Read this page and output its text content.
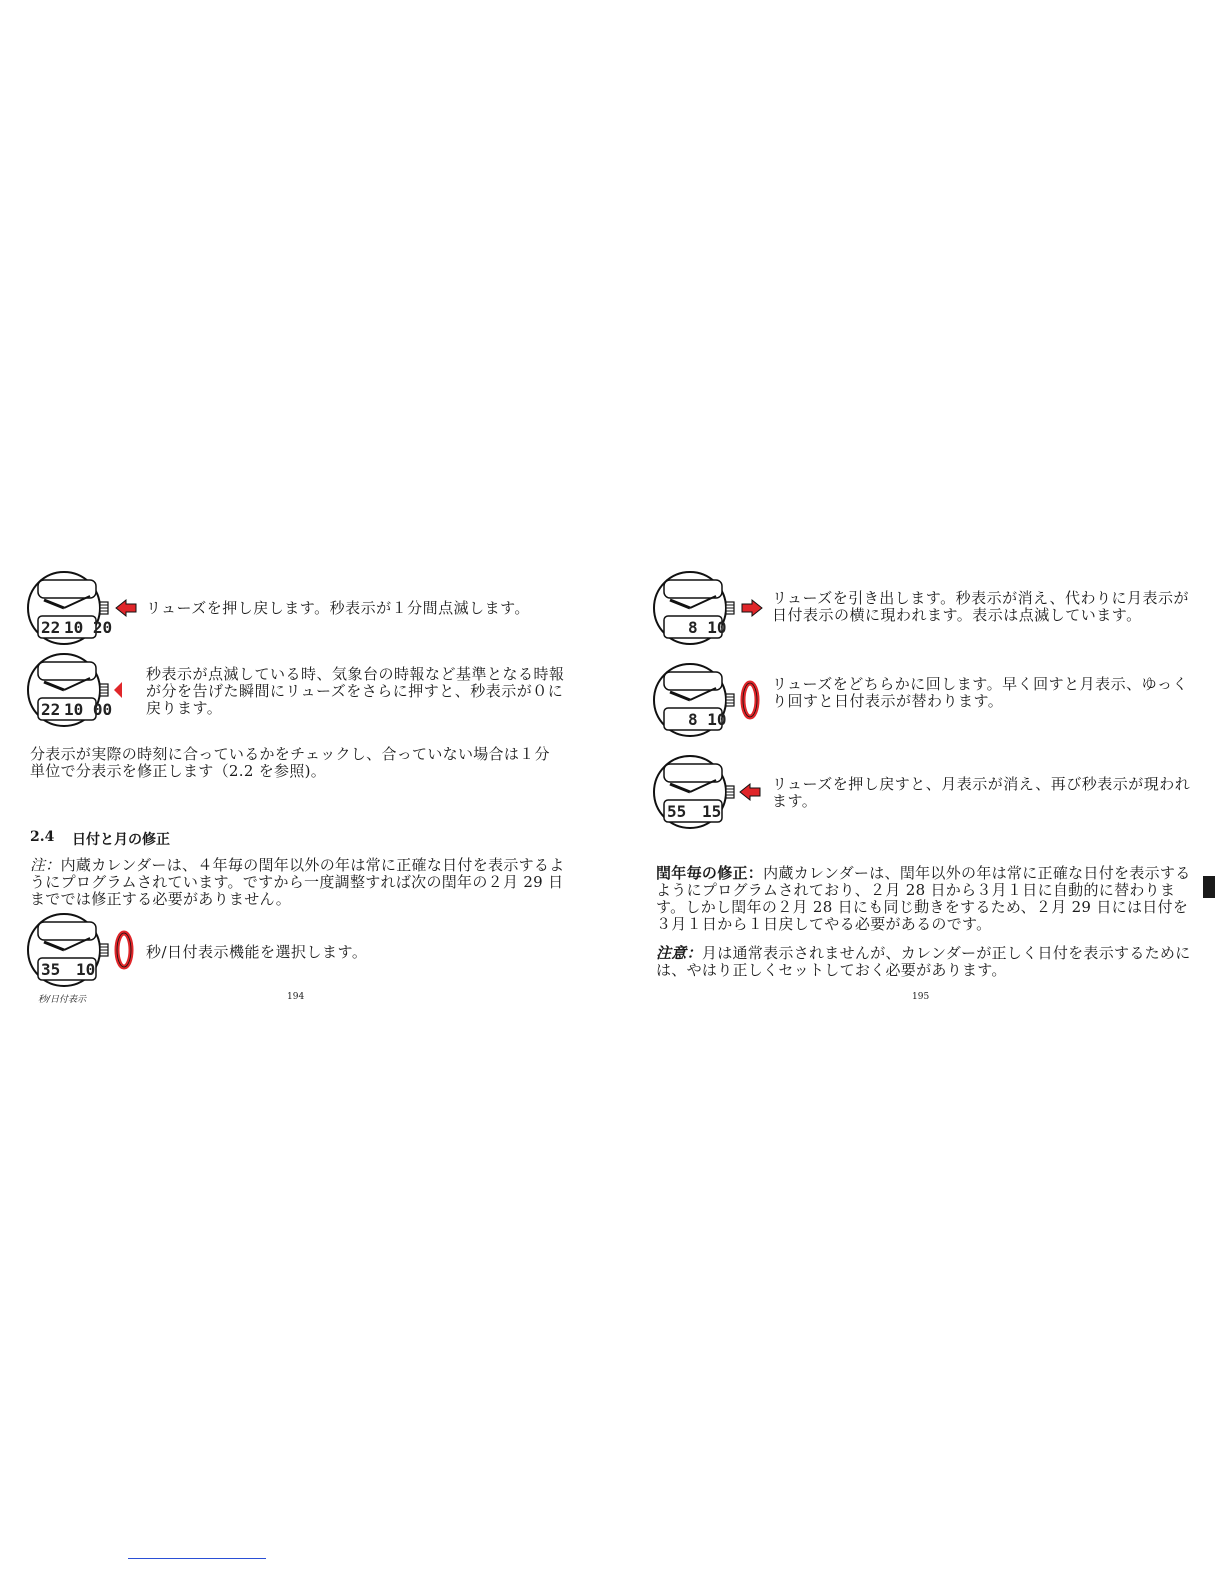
22 10 20
リューズを押し戻します。秒表示が１分間点滅します。
22 10 00
秒表示が点滅している時、気象台の時報など基準となる時報が分を告げた瞬間にリューズをさらに押すと、秒表示が０に戻ります。
分表示が実際の時刻に合っているかをチェックし、合っていない場合は１分単位で分表示を修正します（2.2 を参照)。
2.4 日付と月の修正
注：内蔵カレンダーは、４年毎の閏年以外の年は常に正確な日付を表示するようにプログラムされています。ですから一度調整すれば次の閏年の２月 29 日まででは修正する必要がありません。
35 10
秒/日付表示機能を選択します。
秒/日付表示	194
8 10
リューズを引き出します。秒表示が消え、代わりに月表示が日付表示の横に現われます。表示は点滅しています。
8 10
リューズをどちらかに回します。早く回すと月表示、ゆっくり回すと日付表示が替わります。
55 15
リューズを押し戻すと、月表示が消え、再び秒表示が現われます。
閏年毎の修正：内蔵カレンダーは、閏年以外の年は常に正確な日付を表示するようにプログラムされており、２月 28 日から３月１日に自動的に替わります。しかし閏年の２月 28 日にも同じ動きをするため、２月 29 日には日付を３月１日から１日戻してやる必要があるのです。
注意：月は通常表示されませんが、カレンダーが正しく日付を表示するためには、やはり正しくセットしておく必要があります。
195
